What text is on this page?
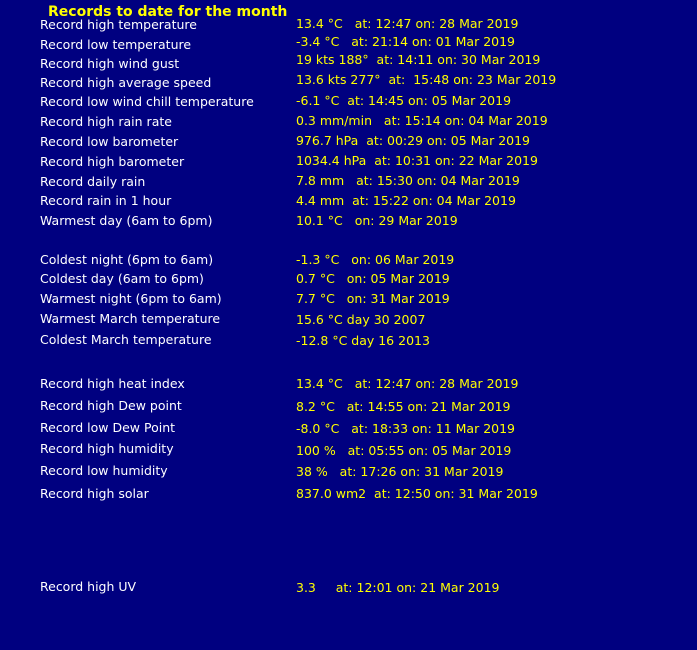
Records to date for the month
Record high temperature	13.4 °C   at: 12:47 on: 28 Mar 2019
Record low temperature	-3.4 °C   at: 21:14 on: 01 Mar 2019
Record high wind gust	19 kts 188°  at: 14:11 on: 30 Mar 2019
Record high average speed	13.6 kts 277°  at:  15:48 on: 23 Mar 2019
Record low wind chill temperature	-6.1 °C  at: 14:45 on: 05 Mar 2019
Record high rain rate	0.3 mm/min   at: 15:14 on: 04 Mar 2019
Record low barometer	976.7 hPa  at: 00:29 on: 05 Mar 2019
Record high barometer	1034.4 hPa  at: 10:31 on: 22 Mar 2019
Record daily rain	7.8 mm   at: 15:30 on: 04 Mar 2019
Record rain in 1 hour	4.4 mm  at: 15:22 on: 04 Mar 2019
Warmest day (6am to 6pm)	10.1 °C   on: 29 Mar 2019
Coldest night (6pm to 6am)	-1.3 °C   on: 06 Mar 2019
Coldest day (6am to 6pm)	0.7 °C   on: 05 Mar 2019
Warmest night (6pm to 6am)	7.7 °C   on: 31 Mar 2019
Warmest March temperature	15.6 °C day 30 2007
Coldest March temperature	-12.8 °C day 16 2013
Record high heat index	13.4 °C   at: 12:47 on: 28 Mar 2019
Record high Dew point	8.2 °C   at: 14:55 on: 21 Mar 2019
Record low Dew Point	-8.0 °C   at: 18:33 on: 11 Mar 2019
Record high humidity	100 %   at: 05:55 on: 05 Mar 2019
Record low humidity	38 %   at: 17:26 on: 31 Mar 2019
Record high solar	837.0 wm2  at: 12:50 on: 31 Mar 2019
Record high UV	3.3     at: 12:01 on: 21 Mar 2019
